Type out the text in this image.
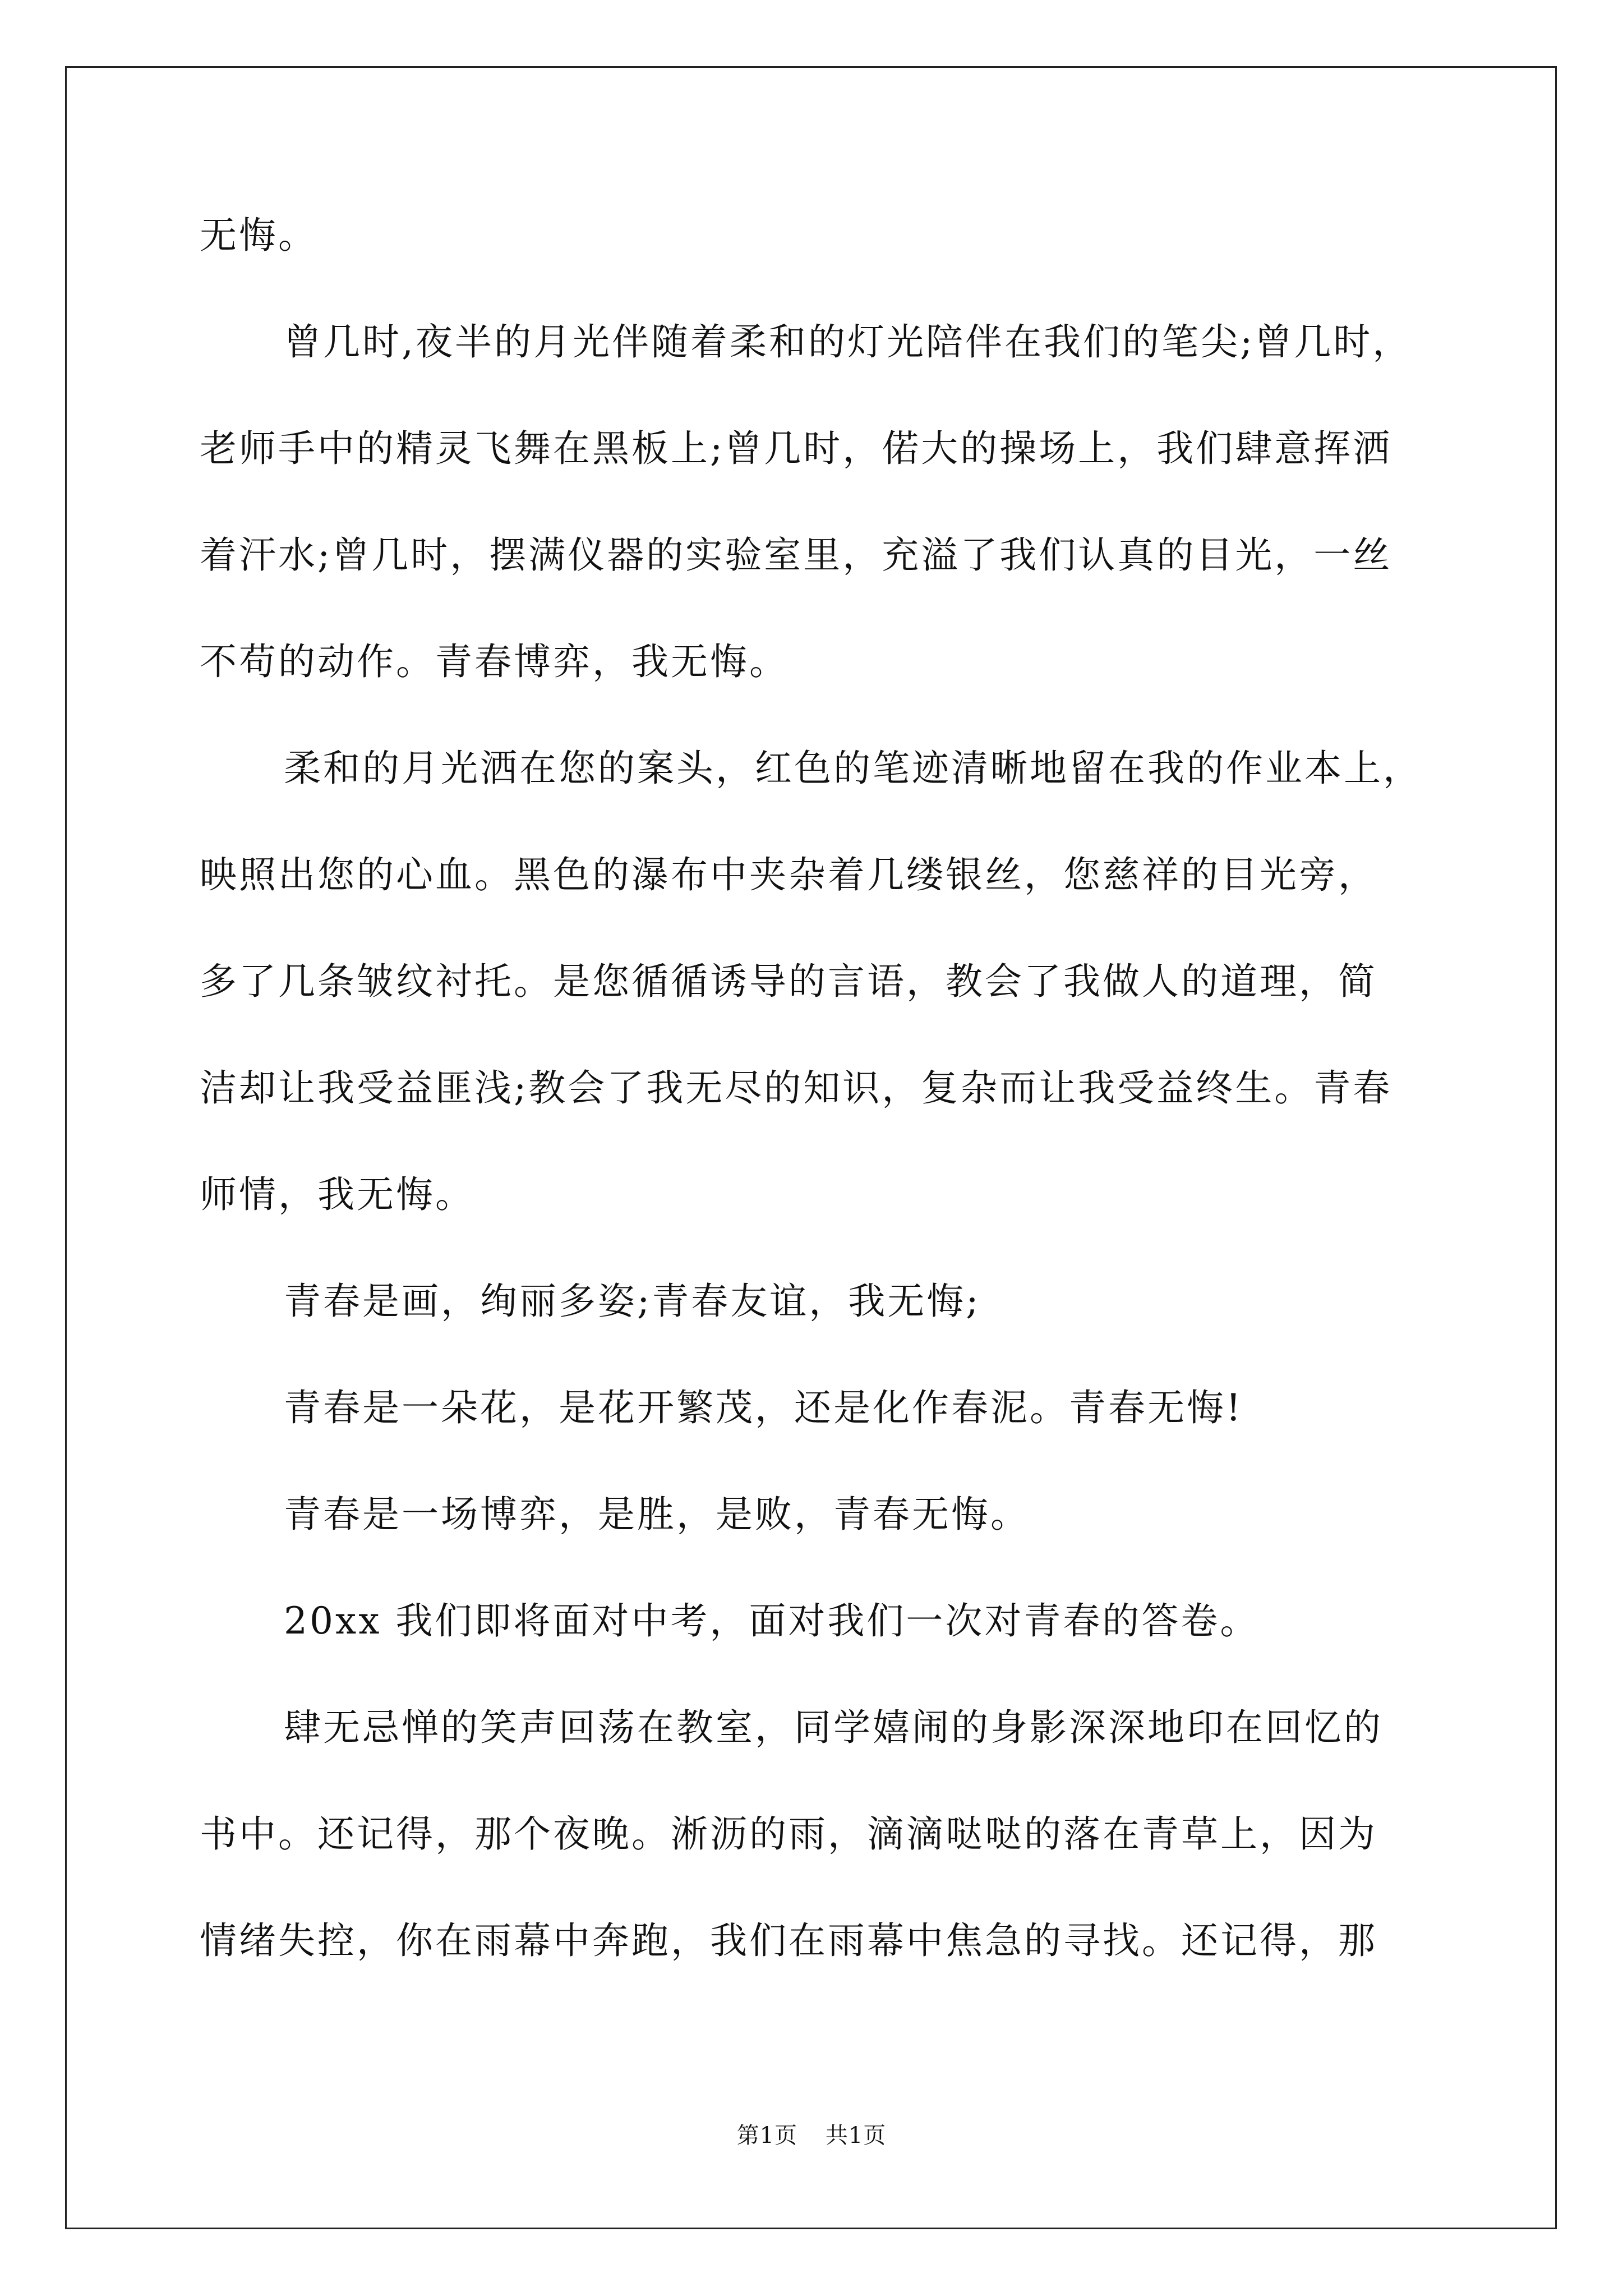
无悔。
曾几时,夜半的月光伴随着柔和的灯光陪伴在我们的笔尖;曾几时，
老师手中的精灵飞舞在黑板上;曾几时，偌大的操场上，我们肆意挥洒
着汗水;曾几时，摆满仪器的实验室里，充溢了我们认真的目光，一丝
不苟的动作。青春博弈，我无悔。
柔和的月光洒在您的案头，红色的笔迹清晰地留在我的作业本上，
映照出您的心血。黑色的瀑布中夹杂着几缕银丝，您慈祥的目光旁，
多了几条皱纹衬托。是您循循诱导的言语，教会了我做人的道理，简
洁却让我受益匪浅;教会了我无尽的知识，复杂而让我受益终生。青春
师情，我无悔。
青春是画，绚丽多姿;青春友谊，我无悔;
青春是一朵花，是花开繁茂，还是化作春泥。青春无悔!
青春是一场博弈，是胜，是败，青春无悔。
20xx 我们即将面对中考，面对我们一次对青春的答卷。
肆无忌惮的笑声回荡在教室，同学嬉闹的身影深深地印在回忆的
书中。还记得，那个夜晚。淅沥的雨，滴滴哒哒的落在青草上，因为
情绪失控，你在雨幕中奔跑，我们在雨幕中焦急的寻找。还记得，那
第1页 共1页
